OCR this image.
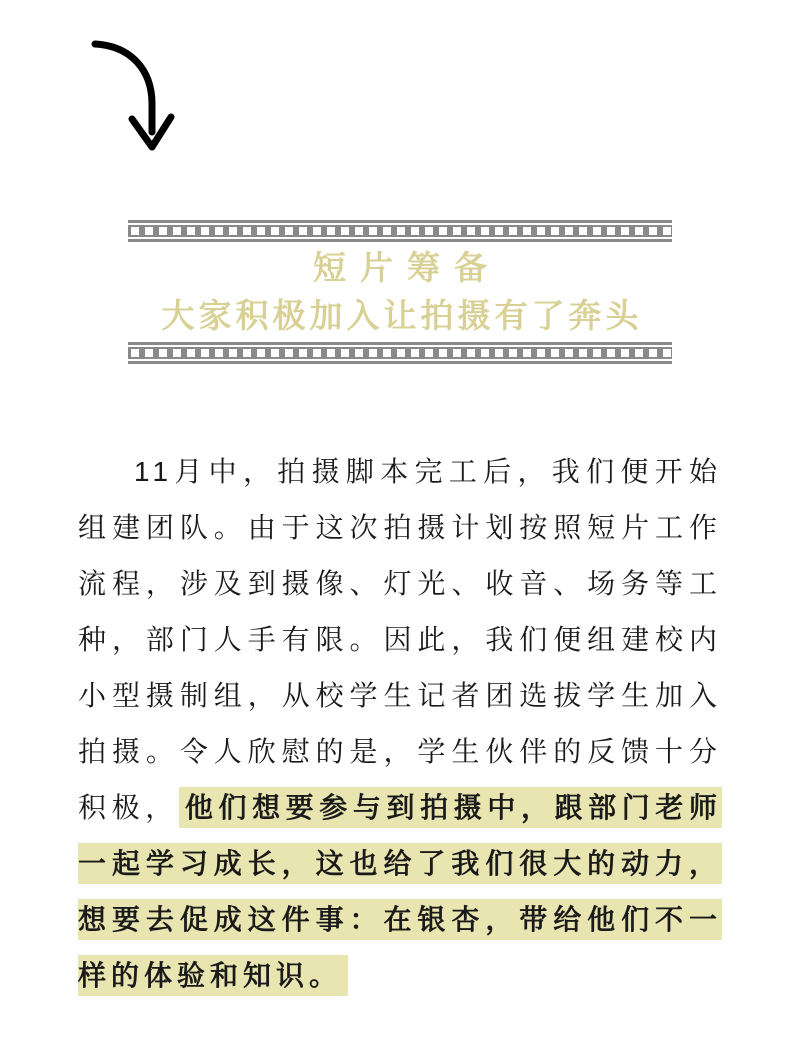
短片筹备
大家积极加入让拍摄有了奔头

11月中，拍摄脚本完工后，我们便开始组建团队。由于这次拍摄计划按照短片工作流程，涉及到摄像、灯光、收音、场务等工种，部门人手有限。因此，我们便组建校内小型摄制组，从校学生记者团选拔学生加入拍摄。令人欣慰的是，学生伙伴的反馈十分积极， 他们想要参与到拍摄中，跟部门老师一起学习成长，这也给了我们很大的动力，想要去促成这件事：在银杏，带给他们不一样的体验和知识。
